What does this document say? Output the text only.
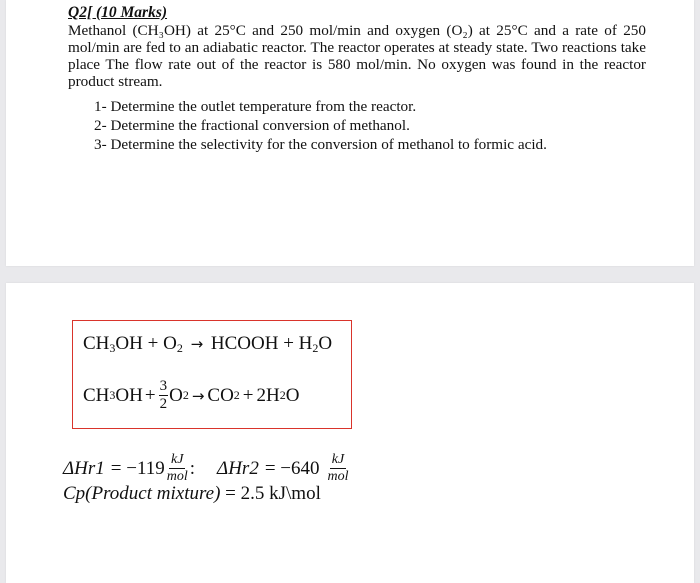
Q2[ (10 Marks)

Methanol (CH₃OH) at 25°C and 250 mol/min and oxygen (O₂) at 25°C and a rate of 250 mol/min are fed to an adiabatic reactor. The reactor operates at steady state. Two reactions take place The flow rate out of the reactor is 580 mol/min. No oxygen was found in the reactor product stream.

1- Determine the outlet temperature from the reactor.
2- Determine the fractional conversion of methanol.
3- Determine the selectivity for the conversion of methanol to formic acid.
$CH_3OH + O_2$ → HCOOH + $H_2O$
CH 3 OH + $\frac{3}{2}$ O 2 → CO 2 + 2H 2 O
$\Delta Hr1 = -119 \frac{kJ}{\text{mol}}$ : $\Delta Hr2 = -640 \frac{kJ}{\text{mol}}$
Cp(Product mixture) = 2.5 kJ\mol
